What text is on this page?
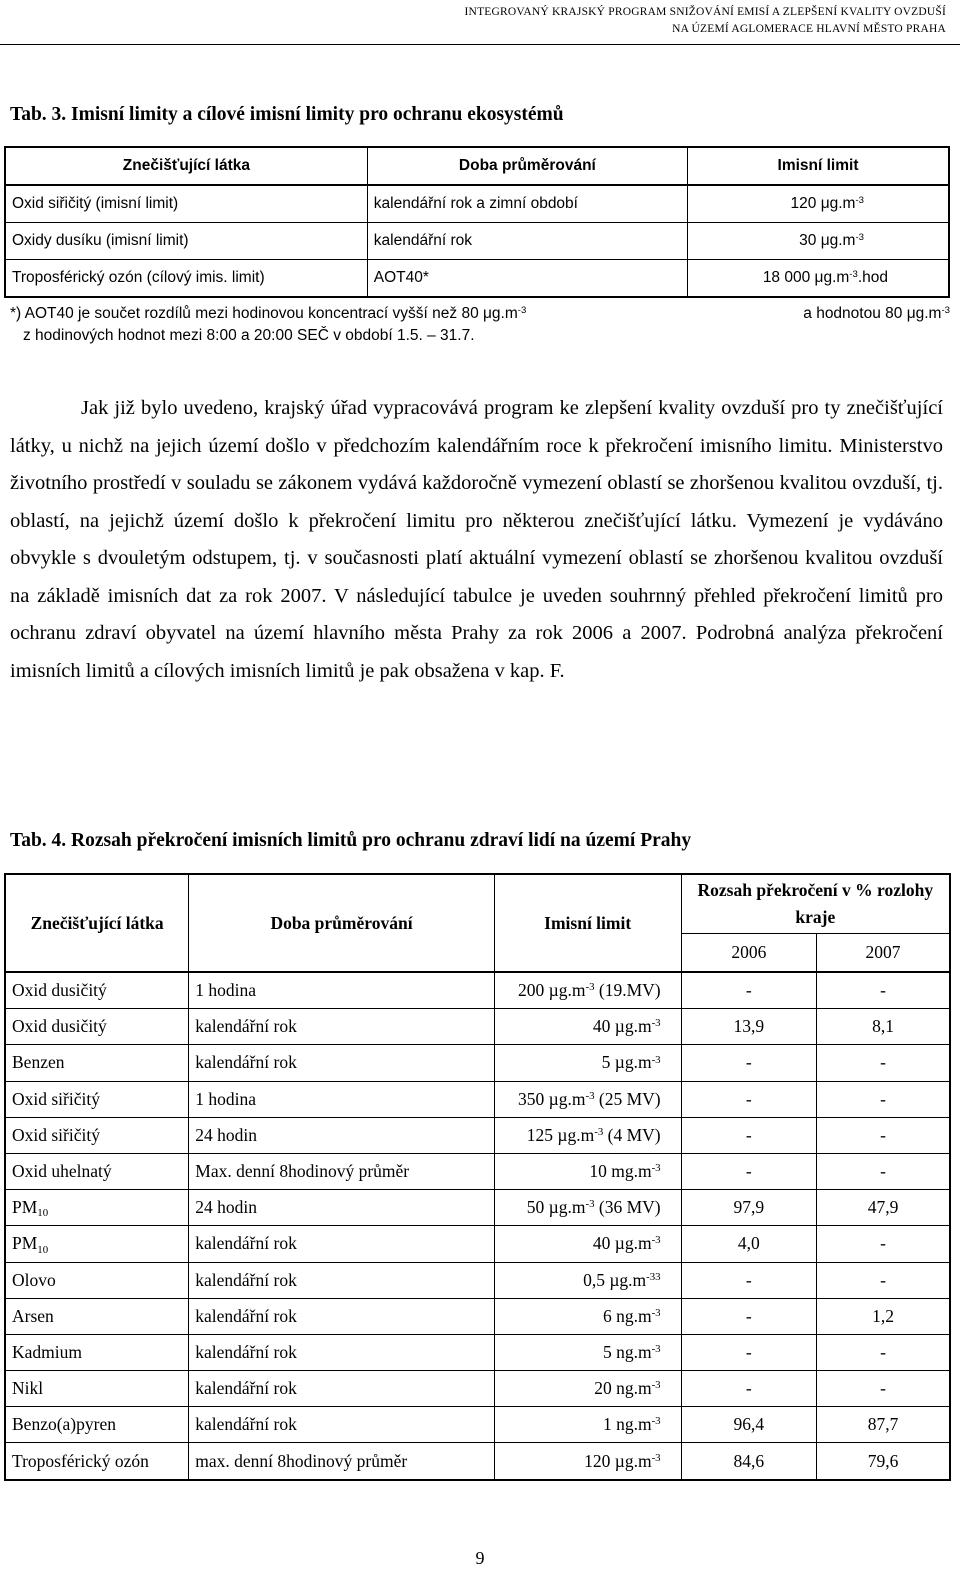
INTEGROVANÝ KRAJSKÝ PROGRAM SNIŽOVÁNÍ EMISÍ A ZLEPŠENÍ KVALITY OVZDUŠÍ
NA ÚZEMÍ AGLOMERACE HLAVNÍ MĚSTO PRAHA
Tab. 3. Imisní limity a cílové imisní limity pro ochranu ekosystémů
Znečišťující látka	Doba průměrování	Imisní limit
Oxid siřičitý (imisní limit)	kalendářní rok a zimní období	120 $\mu g.m^{-3}$
Oxidy dusíku (imisní limit)	kalendářní rok	30 $\mu g.m^{-3}$
Troposférický ozón (cílový imis. limit)	AOT40*	18 000 $\mu g.m^{-3}.hod$
*) AOT40 je součet rozdílů mezi hodinovou koncentrací vyšší než 80 $\mu g.m^{-3}$	a hodnotou 80 $\mu g.m^{-3}$
z hodinových hodnot mezi 8:00 a 20:00 SEČ v období 1.5. – 31.7.

Jak již bylo uvedeno, krajský úřad vypracovává program ke zlepšení kvality ovzduší pro ty znečišťující látky, u nichž na jejich území došlo v předchozím kalendářním roce k překročení imisního limitu. Ministerstvo životního prostředí v souladu se zákonem vydává každoročně vymezení oblastí se zhoršenou kvalitou ovzduší, tj. oblastí, na jejichž území došlo k překročení limitu pro některou znečišťující látku. Vymezení je vydáváno obvykle s dvouletým odstupem, tj. v současnosti platí aktuální vymezení oblastí se zhoršenou kvalitou ovzduší na základě imisních dat za rok 2007. V následující tabulce je uveden souhrnný přehled překročení limitů pro ochranu zdraví obyvatel na území hlavního města Prahy za rok 2006 a 2007. Podrobná analýza překročení imisních limitů a cílových imisních limitů je pak obsažena v kap. F.

Tab. 4. Rozsah překročení imisních limitů pro ochranu zdraví lidí na území Prahy
Znečišťující látka	Doba průměrování	Imisní limit	Rozsah překročení v % rozlohy kraje	
			2006	2007
Oxid dusičitý	1 hodina	200 $\mu g.m^{-3}$ (19.MV)	-	-
Oxid dusičitý	kalendářní rok	40 $\mu g.m^{-3}$	13,9	8,1
Benzen	kalendářní rok	5 $\mu g.m^{-3}$	-	-
Oxid siřičitý	1 hodina	350 $\mu g.m^{-3}$ (25 MV)	-	-
Oxid siřičitý	24 hodin	125 $\mu g.m^{-3}$ (4 MV)	-	-
Oxid uhelnatý	Max. denní 8hodinový průměr	10 $mg.m^{-3}$	-	-
$PM_{10}$	24 hodin	50 $\mu g.m^{-3}$ (36 MV)	97,9	47,9
$PM_{10}$	kalendářní rok	40 $\mu g.m^{-3}$	4,0	-
Olovo	kalendářní rok	0,5 $\mu g.m^{-33}$	-	-
Arsen	kalendářní rok	6 $ng.m^{-3}$	-	1,2
Kadmium	kalendářní rok	5 $ng.m^{-3}$	-	-
Nikl	kalendářní rok	20 $ng.m^{-3}$	-	-
Benzo(a)pyren	kalendářní rok	1 $ng.m^{-3}$	96,4	87,7
Troposférický ozón	max. denní 8hodinový průměr	120 $\mu g.m^{-3}$	84,6	79,6
9
